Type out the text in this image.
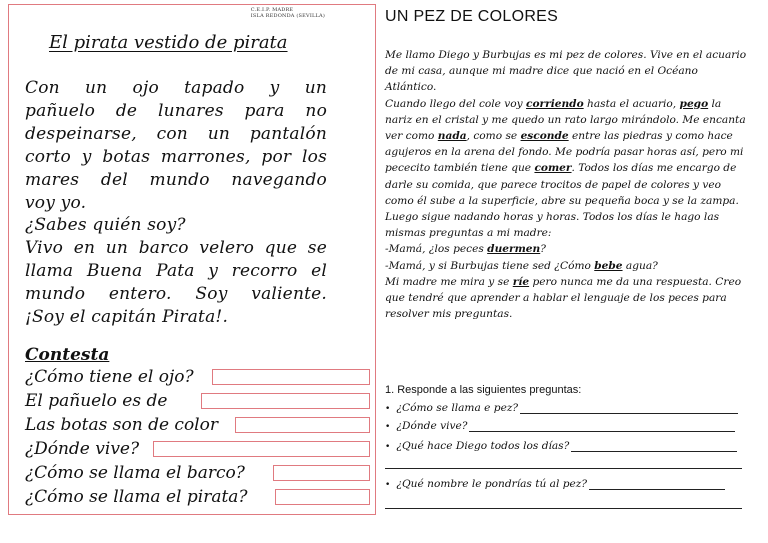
C.E.I.P. MADRE
ISLA REDONDA (SEVILLA)
El pirata vestido de pirata

Con un ojo tapado y un

pañuelo de lunares para no

despeinarse, con un pantalón

corto y botas marrones, por los

mares del mundo navegando

voy yo.

¿Sabes quién soy?

Vivo en un barco velero que se

llama Buena Pata y recorro el

mundo entero. Soy valiente.

¡Soy el capitán Pirata!.

Contesta
¿Cómo tiene el ojo?
El pañuelo es de
Las botas son de color
¿Dónde vive?
¿Cómo se llama el barco?
¿Cómo se llama el pirata?
UN PEZ DE COLORES

Me llamo Diego y Burbujas es mi pez de colores. Vive en el acuario de mi casa, aunque mi madre dice que nació en el Océano Atlántico.

Cuando llego del cole voy corriendo hasta el acuario, pego la nariz en el cristal y me quedo un rato largo mirándolo. Me encanta ver como nada, como se esconde entre las piedras y como hace agujeros en la arena del fondo. Me podría pasar horas así, pero mi pececito también tiene que comer. Todos los días me encargo de darle su comida, que parece trocitos de papel de colores y veo como él sube a la superficie, abre su pequeña boca y se la zampa. Luego sigue nadando horas y horas. Todos los días le hago las mismas preguntas a mi madre:

-Mamá, ¿los peces duermen?

-Mamá, y si Burbujas tiene sed ¿Cómo bebe agua?

Mi madre me mira y se ríe pero nunca me da una respuesta. Creo que tendré que aprender a hablar el lenguaje de los peces para resolver mis preguntas.

1. Responde a las siguientes preguntas:
• ¿Cómo se llama e pez?
• ¿Dónde vive?
• ¿Qué hace Diego todos los días?
• ¿Qué nombre le pondrías tú al pez?
